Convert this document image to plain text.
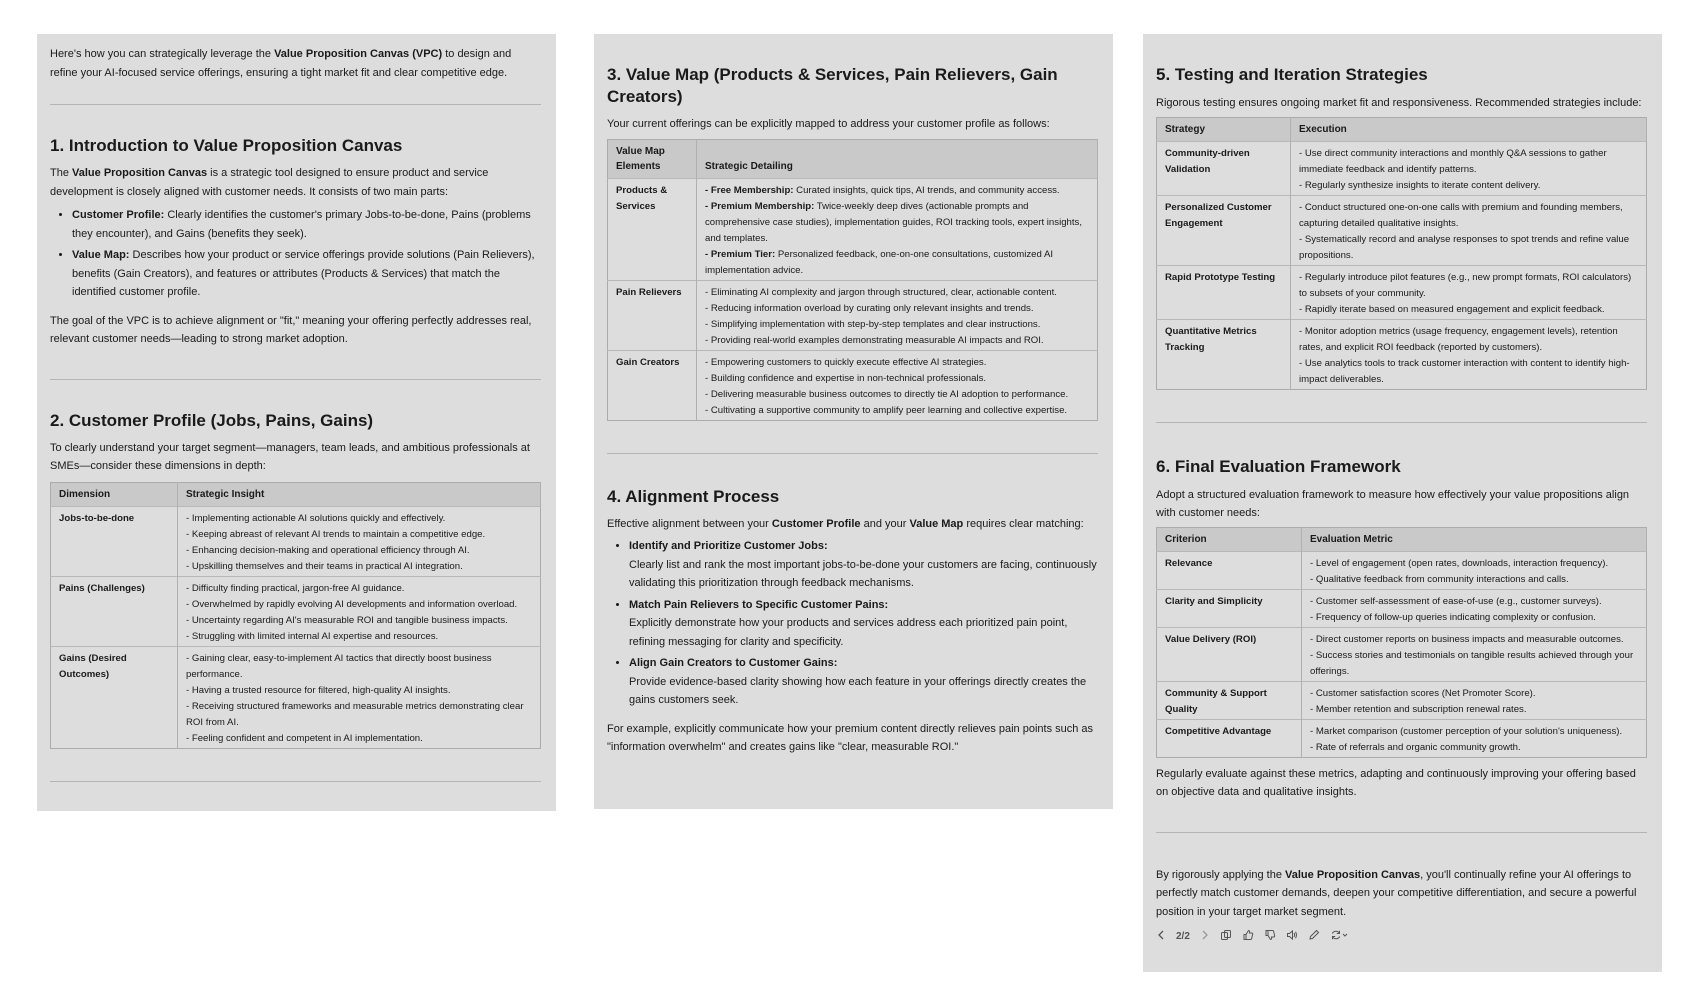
Here's how you can strategically leverage the Value Proposition Canvas (VPC) to design and refine your AI-focused service offerings, ensuring a tight market fit and clear competitive edge.

1. Introduction to Value Proposition Canvas

The Value Proposition Canvas is a strategic tool designed to ensure product and service development is closely aligned with customer needs. It consists of two main parts:

• Customer Profile: Clearly identifies the customer's primary Jobs-to-be-done, Pains (problems they encounter), and Gains (benefits they seek).
• Value Map: Describes how your product or service offerings provide solutions (Pain Relievers), benefits (Gain Creators), and features or attributes (Products & Services) that match the identified customer profile.

The goal of the VPC is to achieve alignment or "fit," meaning your offering perfectly addresses real, relevant customer needs—leading to strong market adoption.

2. Customer Profile (Jobs, Pains, Gains)

To clearly understand your target segment—managers, team leads, and ambitious professionals at SMEs—consider these dimensions in depth:

Dimension	Strategic Insight
Jobs-to-be-done	- Implementing actionable AI solutions quickly and effectively.
- Keeping abreast of relevant AI trends to maintain a competitive edge.
- Enhancing decision-making and operational efficiency through AI.
- Upskilling themselves and their teams in practical AI integration.

Pains (Challenges)	- Difficulty finding practical, jargon-free AI guidance.
- Overwhelmed by rapidly evolving AI developments and information overload.
- Uncertainty regarding AI's measurable ROI and tangible business impacts.
- Struggling with limited internal AI expertise and resources.

Gains (Desired Outcomes)	- Gaining clear, easy-to-implement AI tactics that directly boost business performance.
- Having a trusted resource for filtered, high-quality AI insights.
- Receiving structured frameworks and measurable metrics demonstrating clear ROI from AI.
- Feeling confident and competent in AI implementation.
3. Value Map (Products & Services, Pain Relievers, Gain Creators)

Your current offerings can be explicitly mapped to address your customer profile as follows:

Value Map Elements	Strategic Detailing
Products & Services	- Free Membership: Curated insights, quick tips, AI trends, and community access.
- Premium Membership: Twice-weekly deep dives (actionable prompts and comprehensive case studies), implementation guides, ROI tracking tools, expert insights, and templates.
- Premium Tier: Personalized feedback, one-on-one consultations, customized AI implementation advice.

Pain Relievers	- Eliminating AI complexity and jargon through structured, clear, actionable content.
- Reducing information overload by curating only relevant insights and trends.
- Simplifying implementation with step-by-step templates and clear instructions.
- Providing real-world examples demonstrating measurable AI impacts and ROI.

Gain Creators	- Empowering customers to quickly execute effective AI strategies.
- Building confidence and expertise in non-technical professionals.
- Delivering measurable business outcomes to directly tie AI adoption to performance.
- Cultivating a supportive community to amplify peer learning and collective expertise.
4. Alignment Process

Effective alignment between your Customer Profile and your Value Map requires clear matching:

• Identify and Prioritize Customer Jobs:
Clearly list and rank the most important jobs-to-be-done your customers are facing, continuously validating this prioritization through feedback mechanisms.
• Match Pain Relievers to Specific Customer Pains:
Explicitly demonstrate how your products and services address each prioritized pain point, refining messaging for clarity and specificity.
• Align Gain Creators to Customer Gains:
Provide evidence-based clarity showing how each feature in your offerings directly creates the gains customers seek.

For example, explicitly communicate how your premium content directly relieves pain points such as "information overwhelm" and creates gains like "clear, measurable ROI."

5. Testing and Iteration Strategies

Rigorous testing ensures ongoing market fit and responsiveness. Recommended strategies include:

Strategy	Execution
Community-driven Validation	- Use direct community interactions and monthly Q&A sessions to gather immediate feedback and identify patterns.
- Regularly synthesize insights to iterate content delivery.

Personalized Customer Engagement	- Conduct structured one-on-one calls with premium and founding members, capturing detailed qualitative insights.
- Systematically record and analyse responses to spot trends and refine value propositions.

Rapid Prototype Testing	- Regularly introduce pilot features (e.g., new prompt formats, ROI calculators) to subsets of your community.
- Rapidly iterate based on measured engagement and explicit feedback.

Quantitative Metrics Tracking	- Monitor adoption metrics (usage frequency, engagement levels), retention rates, and explicit ROI feedback (reported by customers).
- Use analytics tools to track customer interaction with content to identify high-impact deliverables.
6. Final Evaluation Framework

Adopt a structured evaluation framework to measure how effectively your value propositions align with customer needs:

Criterion	Evaluation Metric
Relevance	- Level of engagement (open rates, downloads, interaction frequency).
- Qualitative feedback from community interactions and calls.

Clarity and Simplicity	- Customer self-assessment of ease-of-use (e.g., customer surveys).
- Frequency of follow-up queries indicating complexity or confusion.

Value Delivery (ROI)	- Direct customer reports on business impacts and measurable outcomes.
- Success stories and testimonials on tangible results achieved through your offerings.

Community & Support Quality	- Customer satisfaction scores (Net Promoter Score).
- Member retention and subscription renewal rates.

Competitive Advantage	- Market comparison (customer perception of your solution's uniqueness).
- Rate of referrals and organic community growth.

Regularly evaluate against these metrics, adapting and continuously improving your offering based on objective data and qualitative insights.

By rigorously applying the Value Proposition Canvas, you'll continually refine your AI offerings to perfectly match customer demands, deepen your competitive differentiation, and secure a powerful position in your target market segment.

2/2
